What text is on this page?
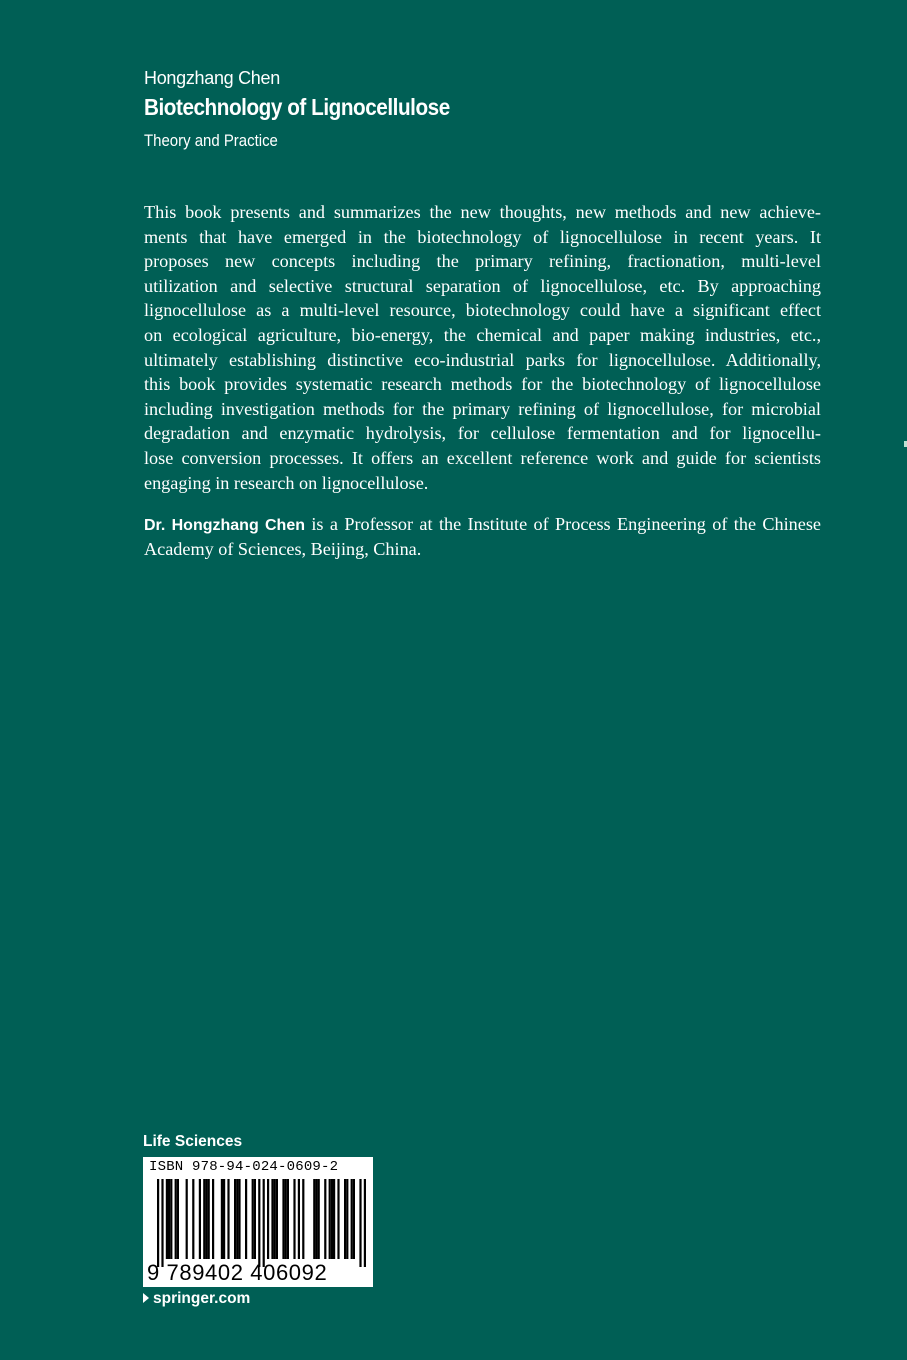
Hongzhang Chen
Biotechnology of Lignocellulose
Theory and Practice
This book presents and summarizes the new thoughts, new methods and new achieve-
ments that have emerged in the biotechnology of lignocellulose in recent years. It
proposes new concepts including the primary refining, fractionation, multi-level
utilization and selective structural separation of lignocellulose, etc. By approaching
lignocellulose as a multi-level resource, biotechnology could have a significant effect
on ecological agriculture, bio-energy, the chemical and paper making industries, etc.,
ultimately establishing distinctive eco-industrial parks for lignocellulose. Additionally,
this book provides systematic research methods for the biotechnology of lignocellulose
including investigation methods for the primary refining of lignocellulose, for microbial
degradation and enzymatic hydrolysis, for cellulose fermentation and for lignocellu-
lose conversion processes. It offers an excellent reference work and guide for scientists
engaging in research on lignocellulose.
Dr. Hongzhang Chen is a Professor at the Institute of Process Engineering of the Chinese
Academy of Sciences, Beijing, China.
Life Sciences
ISBN 978-94-024-0609-2
9 789402 406092
springer.com
